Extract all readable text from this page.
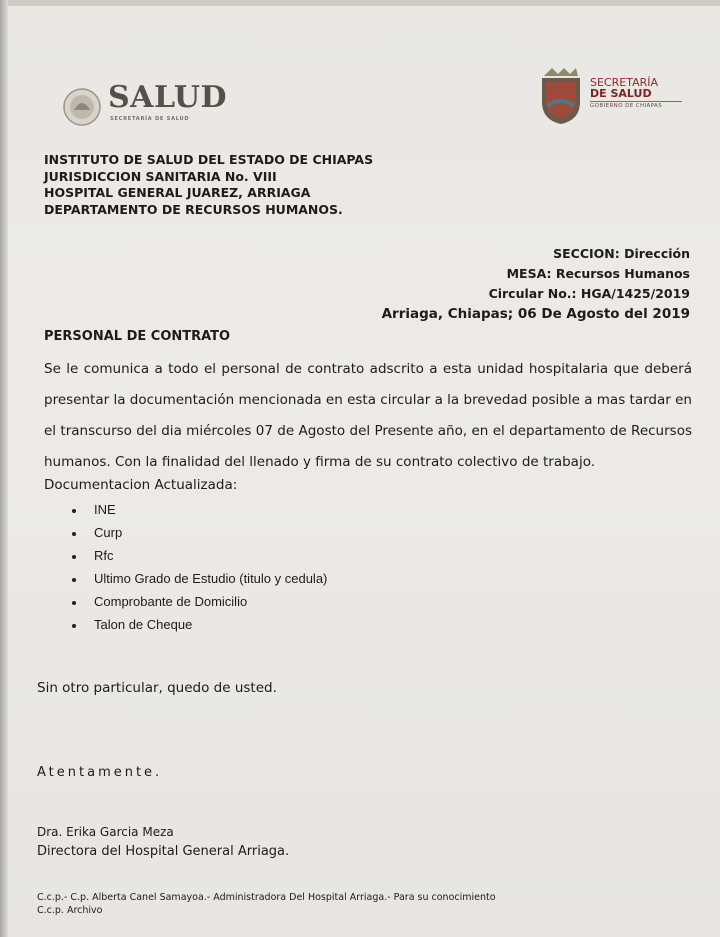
SALUD
SECRETARÍA DE SALUD
SECRETARÍA
DE SALUD
GOBIERNO DE CHIAPAS
INSTITUTO DE SALUD DEL ESTADO DE CHIAPAS
JURISDICCION SANITARIA No. VIII
HOSPITAL GENERAL JUAREZ, ARRIAGA
DEPARTAMENTO DE RECURSOS HUMANOS.
SECCION: Dirección
MESA: Recursos Humanos
Circular No.: HGA/1425/2019
Arriaga, Chiapas; 06 De Agosto del 2019
PERSONAL DE CONTRATO
Se le comunica a todo el personal de contrato adscrito a esta unidad hospitalaria que deberá presentar la documentación mencionada en esta circular a la brevedad posible a mas tardar en el transcurso del dia miércoles 07 de Agosto del Presente año, en el departamento de Recursos humanos. Con la finalidad del llenado y firma de su contrato colectivo de trabajo.
Documentacion Actualizada:
INE
Curp
Rfc
Ultimo Grado de Estudio (titulo y cedula)
Comprobante de Domicilio
Talon de Cheque
Sin otro particular, quedo de usted.
Atentamente.
Dra. Erika Garcia Meza
Directora del Hospital General Arriaga.
C.c.p.- C.p. Alberta Canel Samayoa.- Administradora Del Hospital Arriaga.- Para su conocimiento
C.c.p. Archivo
